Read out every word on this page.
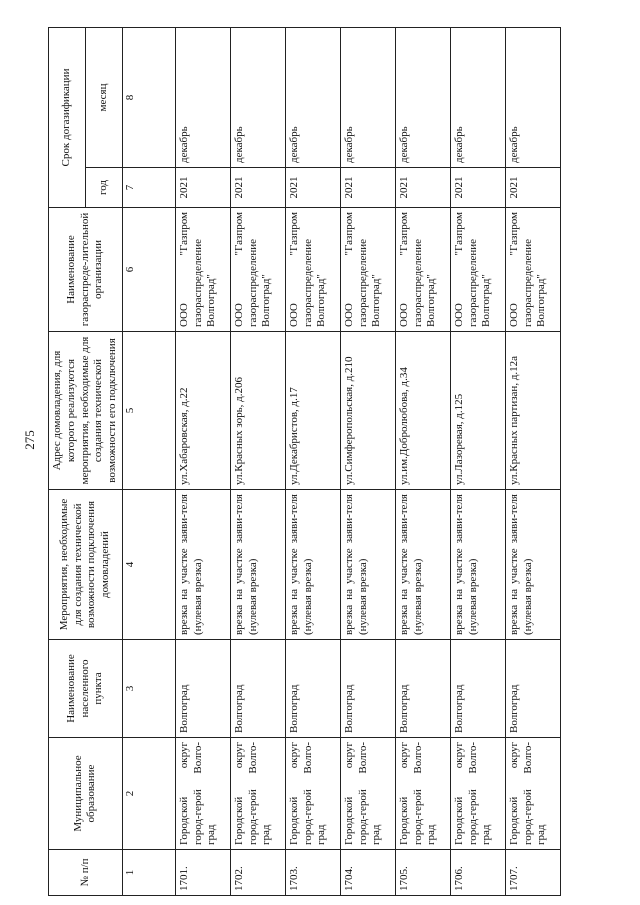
275
№ п/п	Муниципальное образование	Наименование населенного пункта	Мероприятия, необходимые для создания технической возможности подключения домовладений	Адрес домовладения, для которого реализуются мероприятия, необходимые для создания технической возможности его подключения	Наименование газораспреде-лительной организации	Срок догазификации	
						год	месяц
1	2	3	4	5	6	7	8
1701.	Городской округ город-герой Волго-град	Волгоград	врезка на участке заяви-теля (нулевая врезка)	ул.Хабаровская, д.22	ООО "Газпром газораспределение Волгоград"	2021	декабрь
1702.	Городской округ город-герой Волго-град	Волгоград	врезка на участке заяви-теля (нулевая врезка)	ул.Красных зорь, д.206	ООО "Газпром газораспределение Волгоград"	2021	декабрь
1703.	Городской округ город-герой Волго-град	Волгоград	врезка на участке заяви-теля (нулевая врезка)	ул.Декабристов, д.17	ООО "Газпром газораспределение Волгоград"	2021	декабрь
1704.	Городской округ город-герой Волго-град	Волгоград	врезка на участке заяви-теля (нулевая врезка)	ул.Симферопольская, д.210	ООО "Газпром газораспределение Волгоград"	2021	декабрь
1705.	Городской округ город-герой Волго-град	Волгоград	врезка на участке заяви-теля (нулевая врезка)	ул.им.Добролюбова, д.34	ООО "Газпром газораспределение Волгоград"	2021	декабрь
1706.	Городской округ город-герой Волго-град	Волгоград	врезка на участке заяви-теля (нулевая врезка)	ул.Лазоревая, д.125	ООО "Газпром газораспределение Волгоград"	2021	декабрь
1707.	Городской округ город-герой Волго-град	Волгоград	врезка на участке заяви-теля (нулевая врезка)	ул.Красных партизан, д.12а	ООО "Газпром газораспределение Волгоград"	2021	декабрь
